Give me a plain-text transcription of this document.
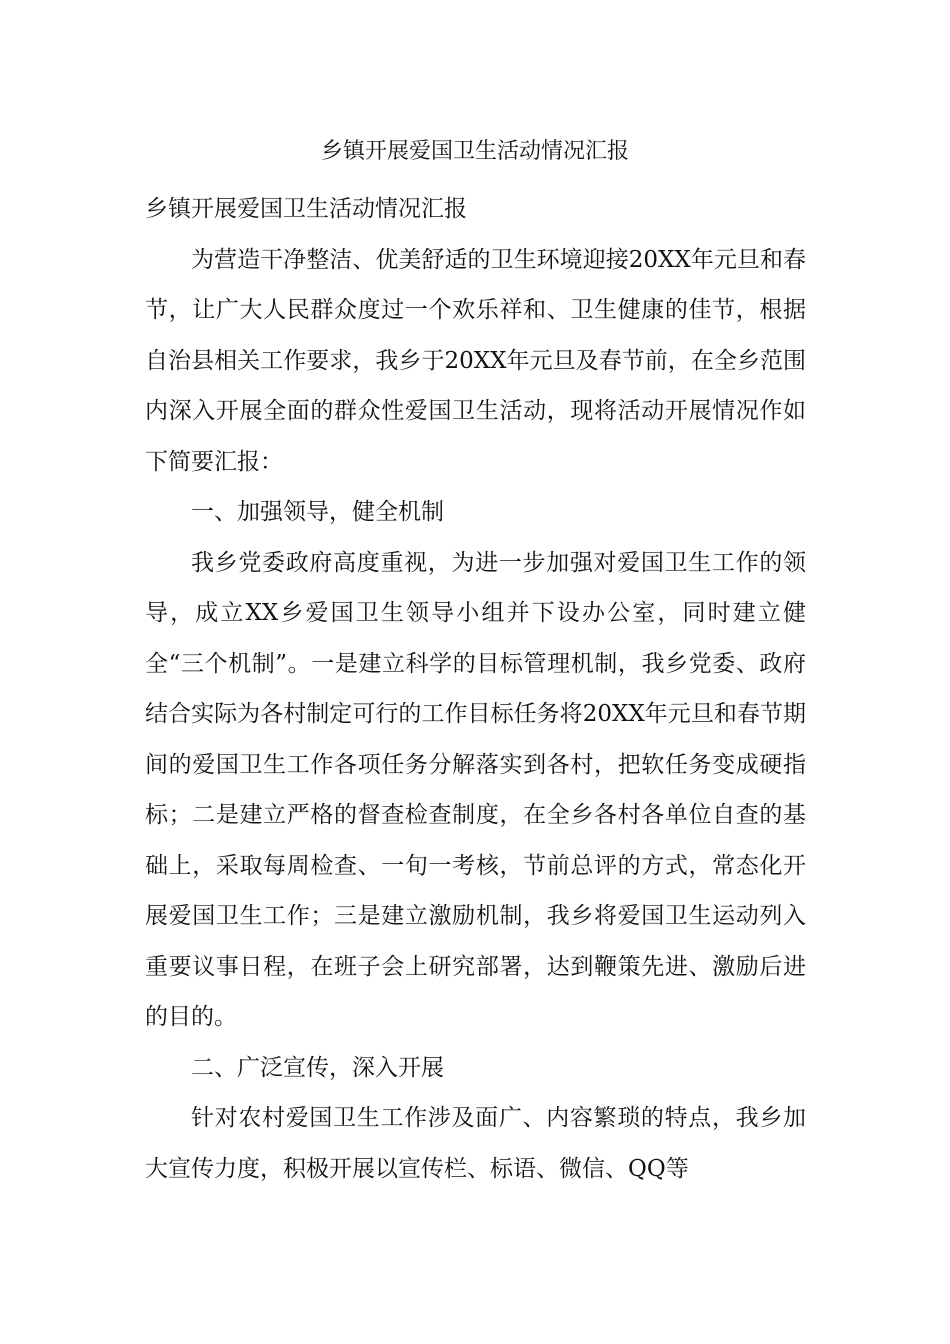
乡镇开展爱国卫生活动情况汇报

乡镇开展爱国卫生活动情况汇报

为营造干净整洁、优美舒适的卫生环境迎接20XX年元旦和春节，让广大人民群众度过一个欢乐祥和、卫生健康的佳节，根据自治县相关工作要求，我乡于20XX年元旦及春节前，在全乡范围内深入开展全面的群众性爱国卫生活动，现将活动开展情况作如下简要汇报：

一、加强领导，健全机制

我乡党委政府高度重视，为进一步加强对爱国卫生工作的领导，成立XX乡爱国卫生领导小组并下设办公室，同时建立健全“三个机制”。一是建立科学的目标管理机制，我乡党委、政府结合实际为各村制定可行的工作目标任务将20XX年元旦和春节期间的爱国卫生工作各项任务分解落实到各村，把软任务变成硬指标；二是建立严格的督查检查制度，在全乡各村各单位自查的基础上，采取每周检查、一旬一考核，节前总评的方式，常态化开展爱国卫生工作；三是建立激励机制，我乡将爱国卫生运动列入重要议事日程，在班子会上研究部署，达到鞭策先进、激励后进的目的。

二、广泛宣传，深入开展

针对农村爱国卫生工作涉及面广、内容繁琐的特点，我乡加大宣传力度，积极开展以宣传栏、标语、微信、QQ等
